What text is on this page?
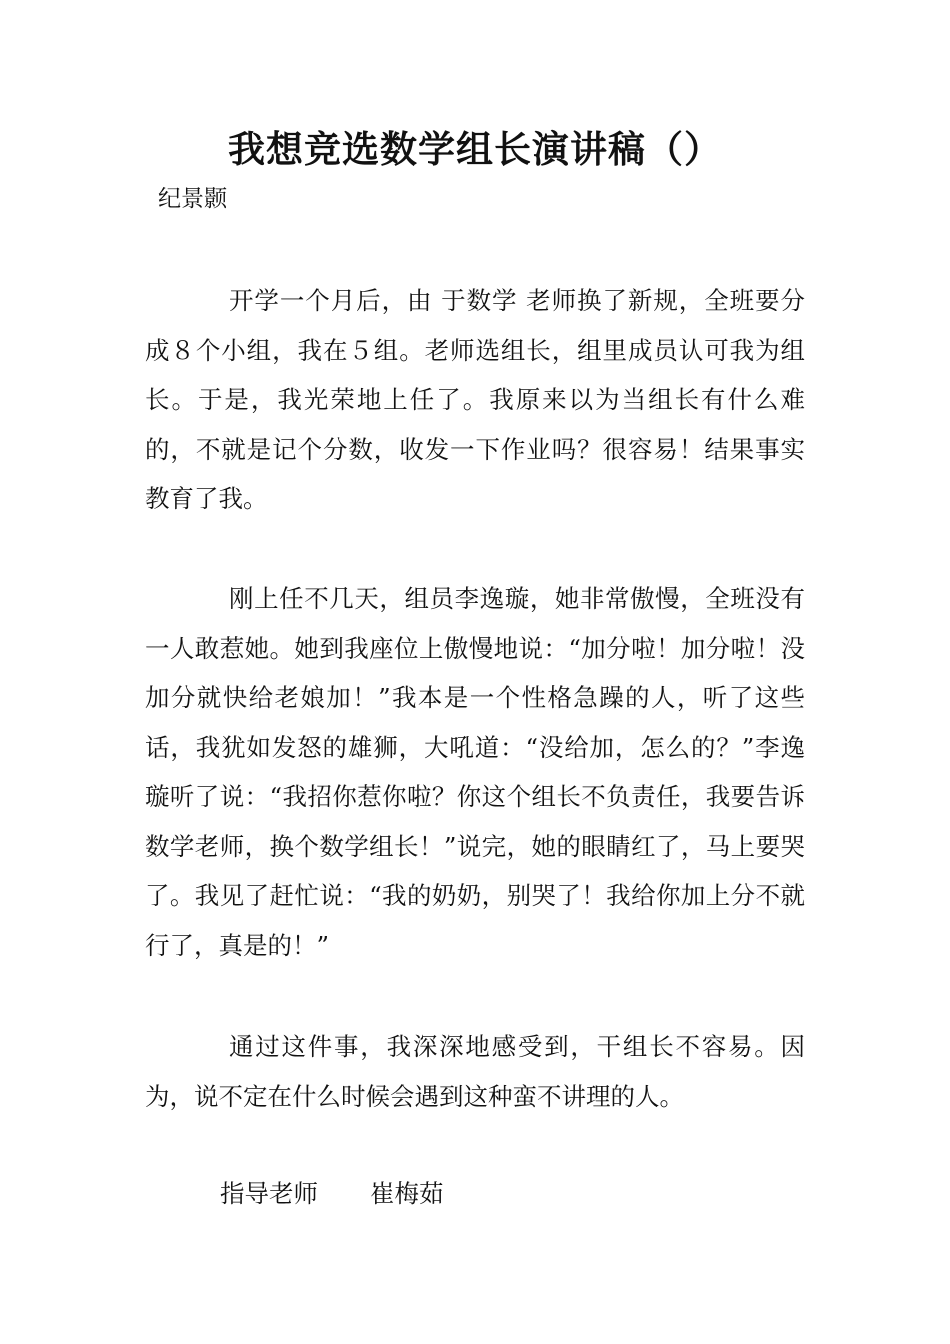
我想竞选数学组长演讲稿（）
纪景颢

开学一个月后，由 于数学 老师换了新规，全班要分成８个小组，我在５组。老师选组长，组里成员认可我为组长。于是，我光荣地上任了。我原来以为当组长有什么难的，不就是记个分数，收发一下作业吗？很容易！结果事实教育了我。

刚上任不几天，组员李逸璇，她非常傲慢，全班没有一人敢惹她。她到我座位上傲慢地说：“加分啦！加分啦！没加分就快给老娘加！”我本是一个性格急躁的人，听了这些话，我犹如发怒的雄狮，大吼道：“没给加，怎么的？”李逸璇听了说：“我招你惹你啦？你这个组长不负责任，我要告诉数学老师，换个数学组长！”说完，她的眼睛红了，马上要哭了。我见了赶忙说：“我的奶奶，别哭了！我给你加上分不就行了，真是的！”

通过这件事，我深深地感受到，干组长不容易。因为，说不定在什么时候会遇到这种蛮不讲理的人。

指导老师 崔梅茹
